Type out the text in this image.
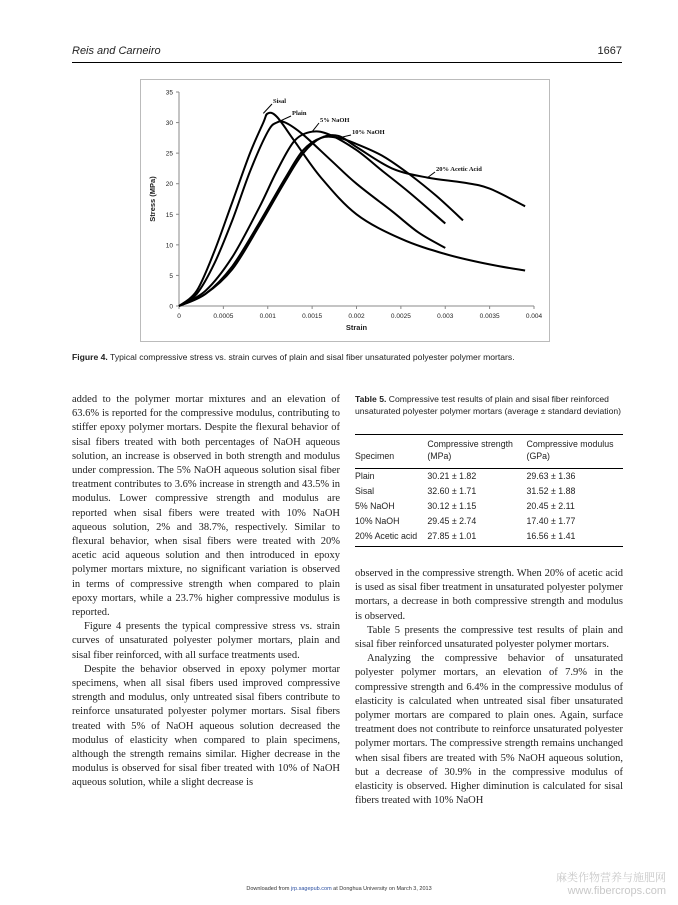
Reis and Carneiro	1667
0
5
10
15
20
25
30
35
0	0.0005	0.001	0.0015	0.002	0.0025	0.003	0.0035	0.004
Strain
Stress (MPa)
Sisal
Plain
5% NaOH
10% NaOH
20% Acetic Acid
Figure 4. Typical compressive stress vs. strain curves of plain and sisal fiber unsaturated polyester polymer mortars.

added to the polymer mortar mixtures and an elevation of 63.6% is reported for the compressive modulus, contributing to stiffer epoxy polymer mortars. Despite the flexural behavior of sisal fibers treated with both percentages of NaOH aqueous solution, an increase is observed in both strength and modulus under compression. The 5% NaOH aqueous solution sisal fiber treatment contributes to 3.6% increase in strength and 43.5% in modulus. Lower compressive strength and modulus are reported when sisal fibers were treated with 10% NaOH aqueous solution, 2% and 38.7%, respectively. Similar to flexural behavior, when sisal fibers were treated with 20% acetic acid aqueous solution and then introduced in epoxy polymer mortars mixture, no significant variation is observed in terms of compressive strength when compared to plain epoxy mortars, while a 23.7% higher compressive modulus is reported.

Figure 4 presents the typical compressive stress vs. strain curves of unsaturated polyester polymer mortars, plain and sisal fiber reinforced, with all surface treatments used.

Despite the behavior observed in epoxy polymer mortar specimens, when all sisal fibers used improved compressive strength and modulus, only untreated sisal fibers contribute to reinforce unsaturated polyester polymer mortars. Sisal fibers treated with 5% of NaOH aqueous solution decreased the modulus of elasticity when compared to plain specimens, although the strength remains similar. Higher decrease in the modulus is observed for sisal fiber treated with 10% of NaOH aqueous solution, while a slight decrease is

Table 5. Compressive test results of plain and sisal fiber reinforced unsaturated polyester polymer mortars (average ± standard deviation)
Specimen	Compressive strength (MPa)	Compressive modulus (GPa)
Plain	30.21 ± 1.82	29.63 ± 1.36
Sisal	32.60 ± 1.71	31.52 ± 1.88
5% NaOH	30.12 ± 1.15	20.45 ± 2.11
10% NaOH	29.45 ± 2.74	17.40 ± 1.77
20% Acetic acid	27.85 ± 1.01	16.56 ± 1.41

observed in the compressive strength. When 20% of acetic acid is used as sisal fiber treatment in unsaturated polyester polymer mortars, a decrease in both compressive strength and modulus is observed.

Table 5 presents the compressive test results of plain and sisal fiber reinforced unsaturated polyester polymer mortars.

Analyzing the compressive behavior of unsaturated polyester polymer mortars, an elevation of 7.9% in the compressive strength and 6.4% in the compressive modulus of elasticity is calculated when untreated sisal fiber unsaturated polymer mortars are compared to plain ones. Again, surface treatment does not contribute to reinforce unsaturated polyester polymer mortars. The compressive strength remains unchanged when sisal fibers are treated with 5% NaOH aqueous solution, but a decrease of 30.9% in the compressive modulus of elasticity is observed. Higher diminution is calculated for sisal fibers treated with 10% NaOH

Downloaded from jrp.sagepub.com at Donghua University on March 3, 2013
麻类作物营养与施肥网
www.fibercrops.com
